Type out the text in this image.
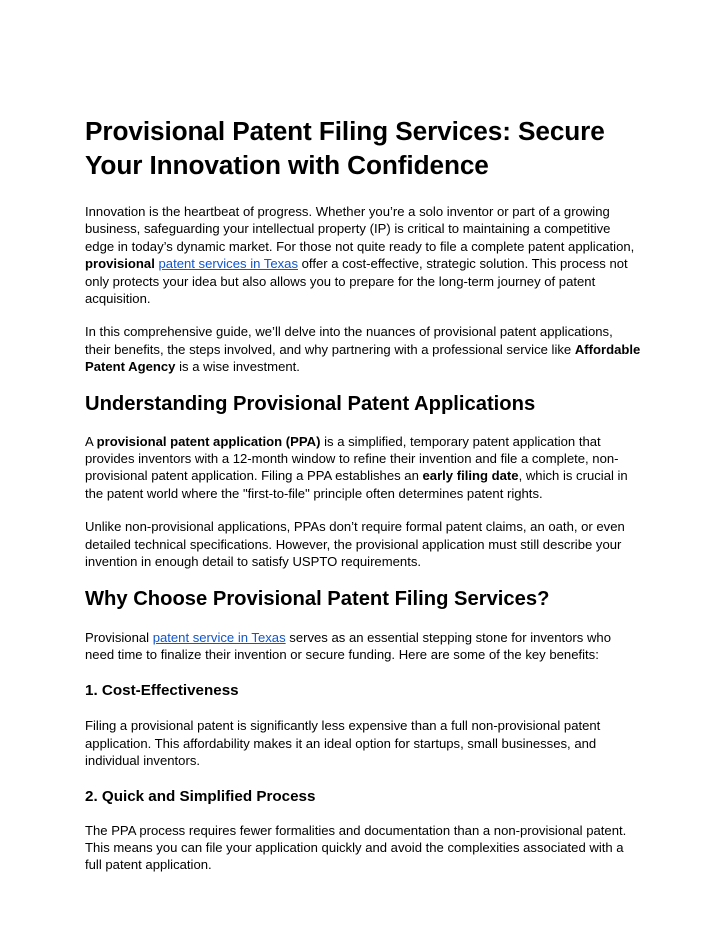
Provisional Patent Filing Services: Secure Your Innovation with Confidence

Innovation is the heartbeat of progress. Whether you’re a solo inventor or part of a growing business, safeguarding your intellectual property (IP) is critical to maintaining a competitive edge in today’s dynamic market. For those not quite ready to file a complete patent application, provisional patent services in Texas offer a cost-effective, strategic solution. This process not only protects your idea but also allows you to prepare for the long-term journey of patent acquisition.

In this comprehensive guide, we’ll delve into the nuances of provisional patent applications, their benefits, the steps involved, and why partnering with a professional service like Affordable Patent Agency is a wise investment.

Understanding Provisional Patent Applications

A provisional patent application (PPA) is a simplified, temporary patent application that provides inventors with a 12-month window to refine their invention and file a complete, non-provisional patent application. Filing a PPA establishes an early filing date, which is crucial in the patent world where the "first-to-file" principle often determines patent rights.

Unlike non-provisional applications, PPAs don’t require formal patent claims, an oath, or even detailed technical specifications. However, the provisional application must still describe your invention in enough detail to satisfy USPTO requirements.

Why Choose Provisional Patent Filing Services?

Provisional patent service in Texas serves as an essential stepping stone for inventors who need time to finalize their invention or secure funding. Here are some of the key benefits:

1. Cost-Effectiveness

Filing a provisional patent is significantly less expensive than a full non-provisional patent application. This affordability makes it an ideal option for startups, small businesses, and individual inventors.

2. Quick and Simplified Process

The PPA process requires fewer formalities and documentation than a non-provisional patent. This means you can file your application quickly and avoid the complexities associated with a full patent application.
